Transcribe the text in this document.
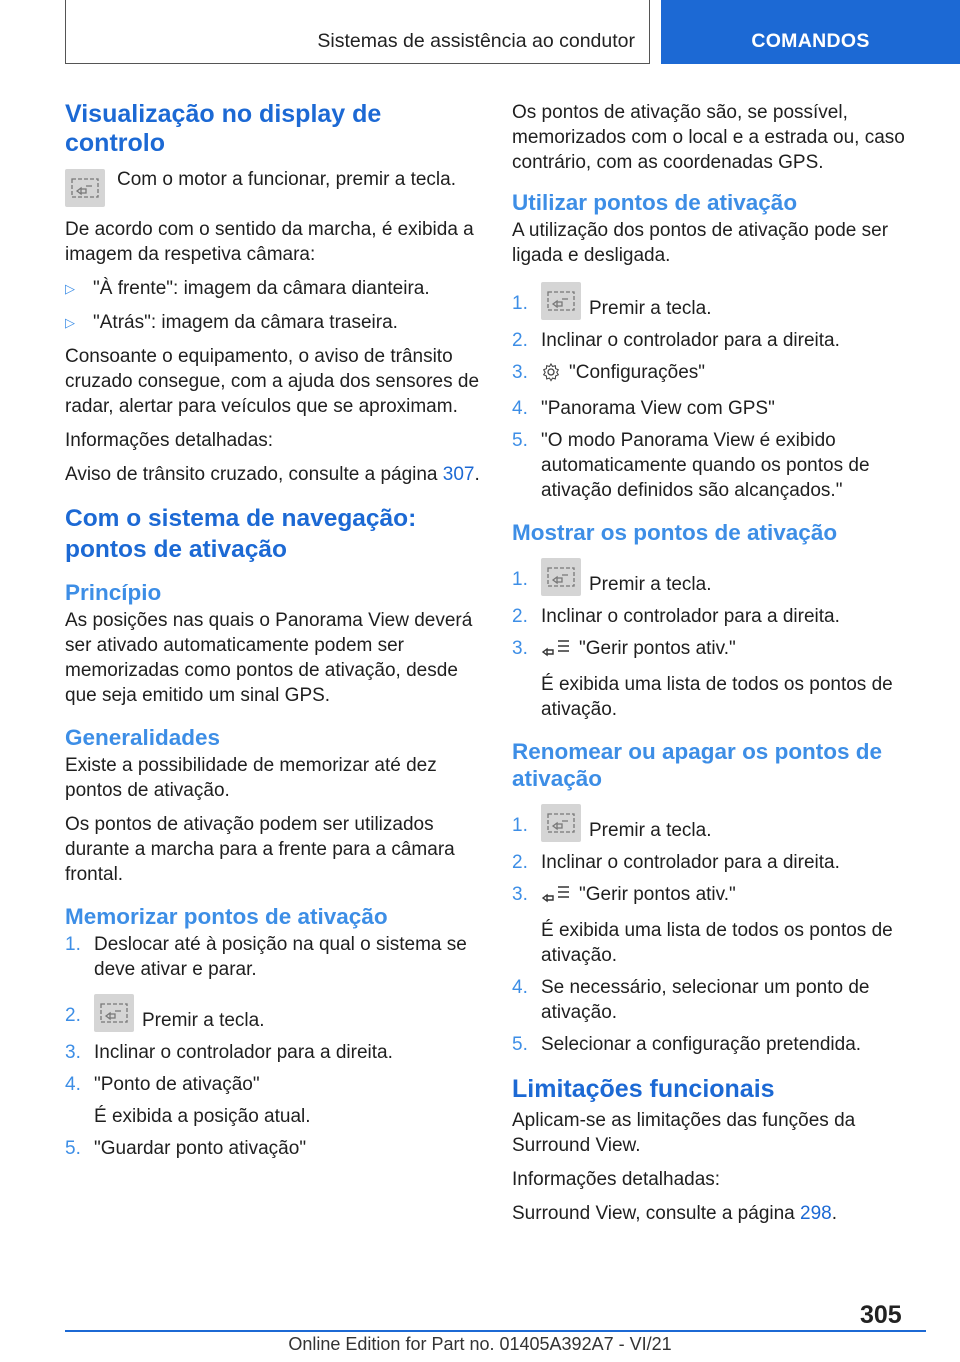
Sistemas de assistência ao condutor	COMANDOS
Visualização no display de controlo
Com o motor a funcionar, premir a tecla.
De acordo com o sentido da marcha, é exibida a imagem da respetiva câmara:
▷ "À frente": imagem da câmara dianteira.
▷ "Atrás": imagem da câmara traseira.
Consoante o equipamento, o aviso de trânsito cruzado consegue, com a ajuda dos sensores de radar, alertar para veículos que se aproximam.
Informações detalhadas:
Aviso de trânsito cruzado, consulte a página 307.
Com o sistema de navegação: pontos de ativação
Princípio
As posições nas quais o Panorama View deverá ser ativado automaticamente podem ser memorizadas como pontos de ativação, desde que seja emitido um sinal GPS.
Generalidades
Existe a possibilidade de memorizar até dez pontos de ativação.
Os pontos de ativação podem ser utilizados durante a marcha para a frente para a câmara frontal.
Memorizar pontos de ativação
1. Deslocar até à posição na qual o sistema se deve ativar e parar.
2.	Premir a tecla.
3. Inclinar o controlador para a direita.
4. "Ponto de ativação"
É exibida a posição atual.
5. "Guardar ponto ativação"
Os pontos de ativação são, se possível, memorizados com o local e a estrada ou, caso contrário, com as coordenadas GPS.
Utilizar pontos de ativação
A utilização dos pontos de ativação pode ser ligada e desligada.
1.	Premir a tecla.
2. Inclinar o controlador para a direita.
3. "Configurações"
4. "Panorama View com GPS"
5. "O modo Panorama View é exibido automaticamente quando os pontos de ativação definidos são alcançados."
Mostrar os pontos de ativação
1.	Premir a tecla.
2. Inclinar o controlador para a direita.
3.	"Gerir pontos ativ."
É exibida uma lista de todos os pontos de ativação.
Renomear ou apagar os pontos de ativação
1.	Premir a tecla.
2. Inclinar o controlador para a direita.
3.	"Gerir pontos ativ."
É exibida uma lista de todos os pontos de ativação.
4. Se necessário, selecionar um ponto de ativação.
5. Selecionar a configuração pretendida.
Limitações funcionais
Aplicam-se as limitações das funções da Surround View.
Informações detalhadas:
Surround View, consulte a página 298.
305
Online Edition for Part no. 01405A392A7 - VI/21
